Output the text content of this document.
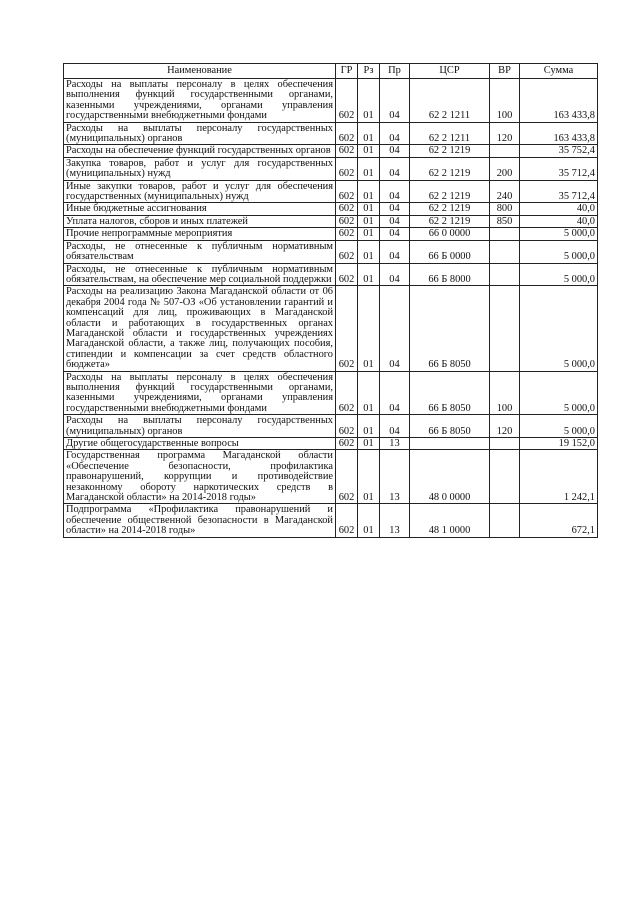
Наименование	ГР	Рз	Пр	ЦСР	ВР	Сумма

Расходы на выплаты персоналу в целях обеспечения выполнения функций государственными органами, казенными учреждениями, органами управления государственными внебюджетными фондами	602	01	04	62 2 1211	100	163 433,8

Расходы на выплаты персоналу государственных (муниципальных) органов	602	01	04	62 2 1211	120	163 433,8

Расходы на обеспечение функций государственных органов	602	01	04	62 2 1219		35 752,4

Закупка товаров, работ и услуг для государственных (муниципальных) нужд	602	01	04	62 2 1219	200	35 712,4

Иные закупки товаров, работ и услуг для обеспечения государственных (муниципальных) нужд	602	01	04	62 2 1219	240	35 712,4

Иные бюджетные ассигнования	602	01	04	62 2 1219	800	40,0

Уплата налогов, сборов и иных платежей	602	01	04	62 2 1219	850	40,0

Прочие непрограммные мероприятия	602	01	04	66 0 0000		5 000,0

Расходы, не отнесенные к публичным нормативным обязательствам	602	01	04	66 Б 0000		5 000,0

Расходы, не отнесенные к публичным нормативным обязательствам, на обеспечение мер социальной поддержки	602	01	04	66 Б 8000		5 000,0

Расходы на реализацию Закона Магаданской области от 06 декабря 2004 года № 507-ОЗ «Об установлении гарантий и компенсаций для лиц, проживающих в Магаданской области и работающих в государственных органах Магаданской области и государственных учреждениях Магаданской области, а также лиц, получающих пособия, стипендии и компенсации за счет средств областного бюджета»	602	01	04	66 Б 8050		5 000,0

Расходы на выплаты персоналу в целях обеспечения выполнения функций государственными органами, казенными учреждениями, органами управления государственными внебюджетными фондами	602	01	04	66 Б 8050	100	5 000,0

Расходы на выплаты персоналу государственных (муниципальных) органов	602	01	04	66 Б 8050	120	5 000,0

Другие общегосударственные вопросы	602	01	13			19 152,0

Государственная программа Магаданской области «Обеспечение безопасности, профилактика правонарушений, коррупции и противодействие незаконному обороту наркотических средств в Магаданской области» на 2014-2018 годы»	602	01	13	48 0 0000		1 242,1

Подпрограмма «Профилактика правонарушений и обеспечение общественной безопасности в Магаданской области» на 2014-2018 годы»	602	01	13	48 1 0000		672,1
